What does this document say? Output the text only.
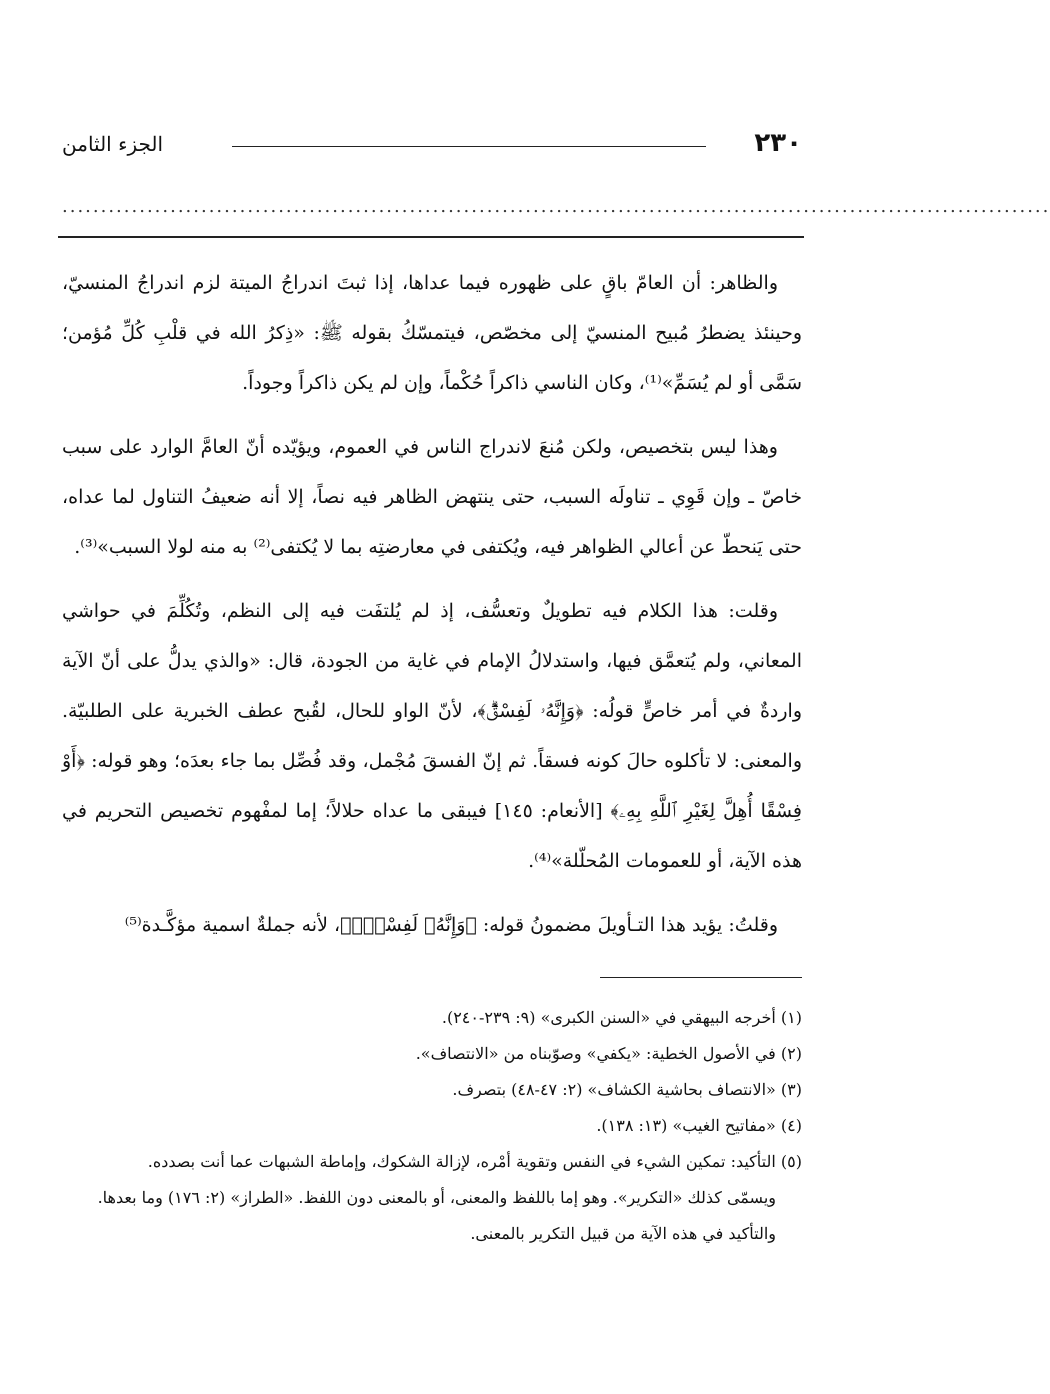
٢٣٠
الجزء الثامن
................................................................................................................................

والظاهر: أن العامّ باقٍ على ظهوره فيما عداها، إذا ثبتَ اندراجُ الميتة لزم اندراجُ المنسيّ، وحينئذ يضطرُ مُبيح المنسيّ إلى مخصّص، فيتمسّكُ بقوله ﷺ: «ذِكرُ الله في قلْبِ كُلِّ مُؤمن؛ سَمَّى أو لم يُسَمِّ»⁽¹⁾، وكان الناسي ذاكراً حُكْماً، وإن لم يكن ذاكراً وجوداً.

وهذا ليس بتخصيص، ولكن مُنعَ لاندراج الناس في العموم، ويؤيّده أنّ العامَّ الوارد على سبب خاصّ ـ وإن قَوِي ـ تناولَه السبب، حتى ينتهض الظاهر فيه نصاً، إلا أنه ضعيفُ التناول لما عداه، حتى يَنحطّ عن أعالي الظواهر فيه، ويُكتفى في معارضتِه بما لا يُكتفى⁽²⁾ به منه لولا السبب»⁽³⁾.

وقلت: هذا الكلام فيه تطويلٌ وتعسُّف، إذ لم يُلتفَت فيه إلى النظم، وتُكُلِّمَ في حواشي المعاني، ولم يُتعمَّق فيها، واستدلالُ الإمام في غاية من الجودة، قال: «والذي يدلُّ على أنّ الآية واردةٌ في أمر خاصٍّ قولُه: ﴿وَإِنَّهُۥ لَفِسْقٌۗ﴾، لأنّ الواو للحال، لقُبح عطف الخبرية على الطلبيّة. والمعنى: لا تأكلوه حالَ كونه فسقاً. ثم إنّ الفسقَ مُجْمل، وقد فُصِّل بما جاء بعدَه؛ وهو قوله: ﴿أَوْ فِسْقًا أُهِلَّ لِغَيْرِ ٱللَّهِ بِهِۦ﴾ [الأنعام: ١٤٥] فيبقى ما عداه حلالاً؛ إما لمفْهوم تخصيص التحريم في هذه الآية، أو للعمومات المُحلّلة»⁽⁴⁾.

وقلتُ: يؤيد هذا التـأويلَ مضمونُ قوله: ﴿وَإِنَّهُۥ لَفِسْقٌۗ﴾، لأنه جملةٌ اسمية مؤكَّـدة⁽⁵⁾

(١) أخرجه البيهقي في «السنن الكبرى» (٩: ٢٣٩-٢٤٠).

(٢) في الأصول الخطية: «يكفي» وصوّبناه من «الانتصاف».

(٣) «الانتصاف بحاشية الكشاف» (٢: ٤٧-٤٨) بتصرف.

(٤) «مفاتيح الغيب» (١٣: ١٣٨).

(٥) التأكيد: تمكين الشيء في النفس وتقوية أمْره، لإزالة الشكوك، وإماطة الشبهات عما أنت بصدده.

ويسمّى كذلك «التكرير». وهو إما باللفظ والمعنى، أو بالمعنى دون اللفظ. «الطراز» (٢: ١٧٦) وما بعدها. والتأكيد في هذه الآية من قبيل التكرير بالمعنى.
